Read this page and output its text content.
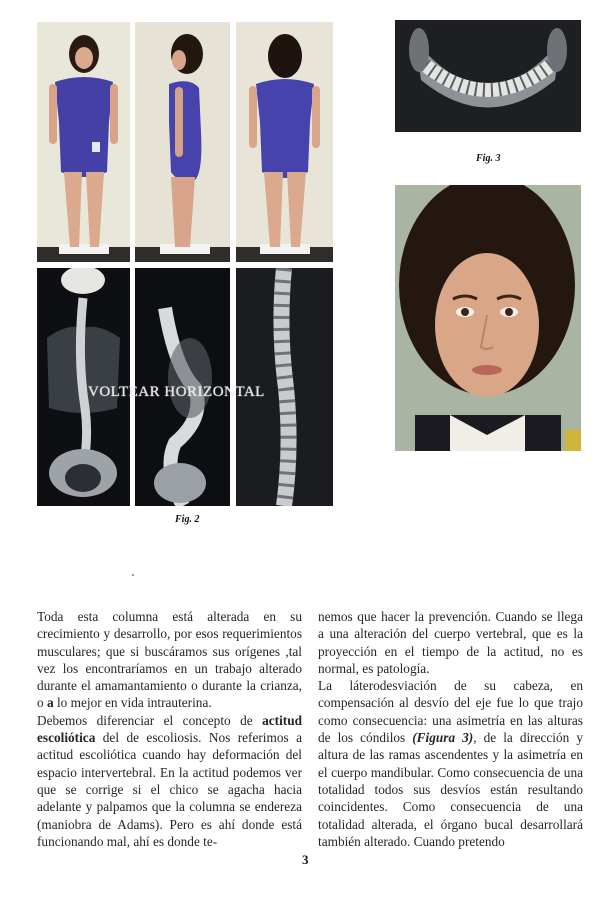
VOLTEAR HORIZONTAL
Fig. 2
Fig. 3

Toda esta columna está alterada en su crecimiento y desarrollo, por esos requerimientos musculares; que si buscáramos sus orígenes ,tal vez los encontraríamos en un trabajo alterado durante el amamantamiento o durante la crianza, o a lo mejor en vida intrauterina.

Debemos diferenciar el concepto de actitud escoliótica del de escoliosis. Nos referimos a actitud escoliótica cuando hay deformación del espacio intervertebral. En la actitud podemos ver que se corrige si el chico se agacha hacia adelante y palpamos que la columna se endereza (maniobra de Adams). Pero es ahí donde está funcionando mal, ahí es donde te-

nemos que hacer la prevención. Cuando se llega a una alteración del cuerpo vertebral, que es la proyección en el tiempo de la actitud, no es normal, es patología.

La láterodesviación de su cabeza, en compensación al desvío del eje fue lo que trajo como consecuencia: una asimetría en las alturas de los cóndilos (Figura 3), de la dirección y altura de las ramas ascendentes y la asimetría en el cuerpo mandibular. Como consecuencia de una totalidad todos sus desvíos están resultando coincidentes. Como consecuencia de una totalidad alterada, el órgano bucal desarrollará también alterado. Cuando pretendo

3
